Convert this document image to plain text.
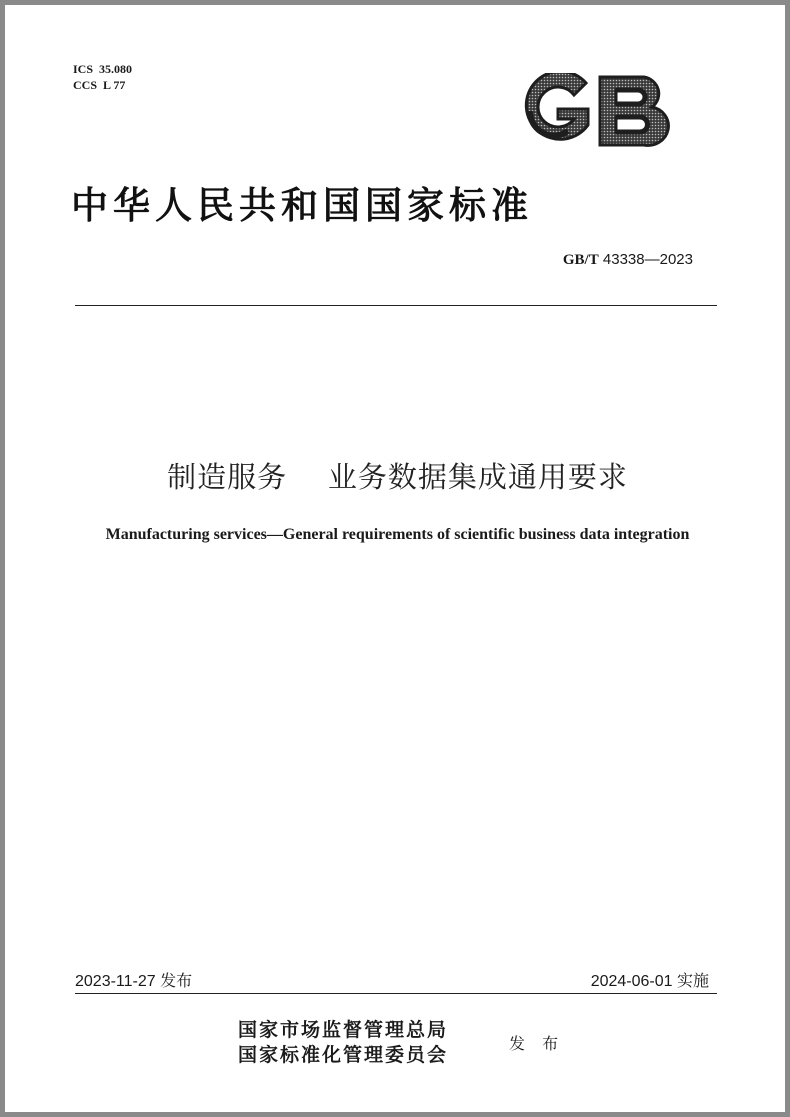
ICS  35.080
CCS  L 77
中华人民共和国国家标准
GB/T 43338—2023
制造服务    业务数据集成通用要求
Manufacturing services—General requirements of scientific business data integration
2023-11-27 发布	2024-06-01 实施
国家市场监督管理总局
国家标准化管理委员会
发 布
